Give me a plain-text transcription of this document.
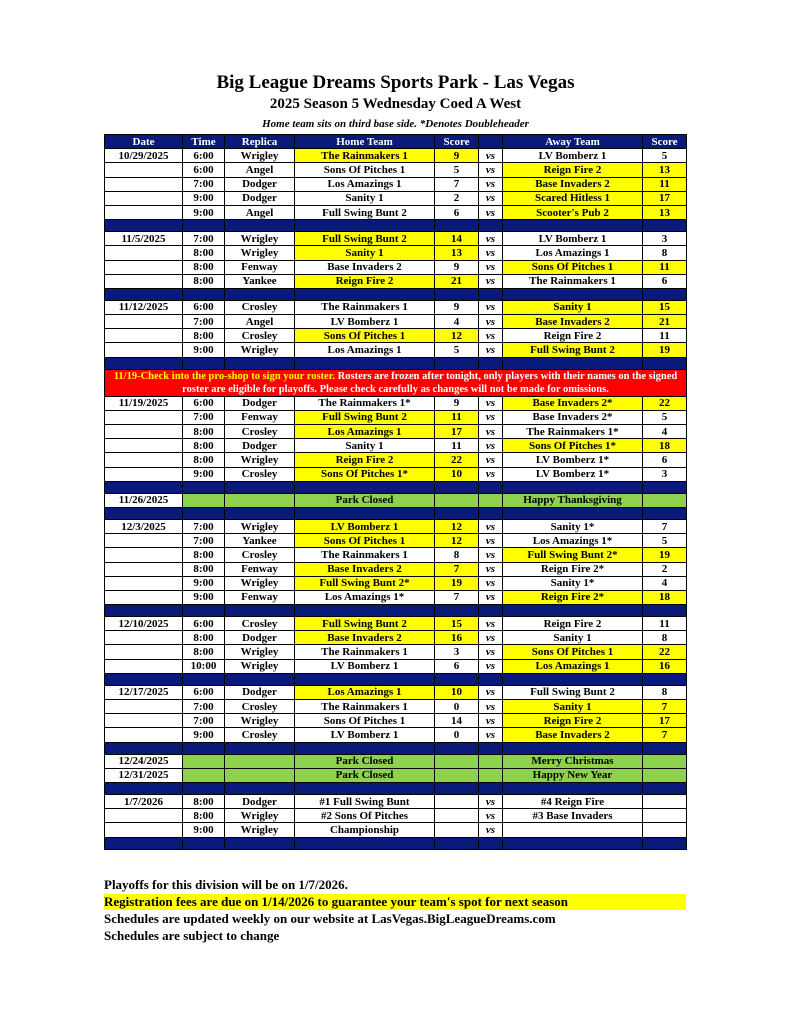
Big League Dreams Sports Park - Las Vegas
2025 Season 5 Wednesday Coed A West
Home team sits on third base side. *Denotes Doubleheader
Date	Time	Replica	Home Team	Score		Away Team	Score
10/29/2025	6:00	Wrigley	The Rainmakers 1	9	vs	LV Bomberz 1	5
	6:00	Angel	Sons Of Pitches 1	5	vs	Reign Fire 2	13
	7:00	Dodger	Los Amazings 1	7	vs	Base Invaders 2	11
	9:00	Dodger	Sanity 1	2	vs	Scared Hitless 1	17
	9:00	Angel	Full Swing Bunt 2	6	vs	Scooter's Pub 2	13

11/5/2025	7:00	Wrigley	Full Swing Bunt 2	14	vs	LV Bomberz 1	3
	8:00	Wrigley	Sanity 1	13	vs	Los Amazings 1	8
	8:00	Fenway	Base Invaders 2	9	vs	Sons Of Pitches 1	11
	8:00	Yankee	Reign Fire 2	21	vs	The Rainmakers 1	6

11/12/2025	6:00	Crosley	The Rainmakers 1	9	vs	Sanity 1	15
	7:00	Angel	LV Bomberz 1	4	vs	Base Invaders 2	21
	8:00	Crosley	Sons Of Pitches 1	12	vs	Reign Fire 2	11
	9:00	Wrigley	Los Amazings 1	5	vs	Full Swing Bunt 2	19

11/19-Check into the pro-shop to sign your roster. Rosters are frozen after tonight, only players with their names on the signed roster are eligible for playoffs. Please check carefully as changes will not be made for omissions.							
11/19/2025	6:00	Dodger	The Rainmakers 1*	9	vs	Base Invaders 2*	22
	7:00	Fenway	Full Swing Bunt 2	11	vs	Base Invaders 2*	5
	8:00	Crosley	Los Amazings 1	17	vs	The Rainmakers 1*	4
	8:00	Dodger	Sanity 1	11	vs	Sons Of Pitches 1*	18
	8:00	Wrigley	Reign Fire 2	22	vs	LV Bomberz 1*	6
	9:00	Crosley	Sons Of Pitches 1*	10	vs	LV Bomberz 1*	3

11/26/2025			Park Closed			Happy Thanksgiving	

12/3/2025	7:00	Wrigley	LV Bomberz 1	12	vs	Sanity 1*	7
	7:00	Yankee	Sons Of Pitches 1	12	vs	Los Amazings 1*	5
	8:00	Crosley	The Rainmakers 1	8	vs	Full Swing Bunt 2*	19
	8:00	Fenway	Base Invaders 2	7	vs	Reign Fire 2*	2
	9:00	Wrigley	Full Swing Bunt 2*	19	vs	Sanity 1*	4
	9:00	Fenway	Los Amazings 1*	7	vs	Reign Fire 2*	18

12/10/2025	6:00	Crosley	Full Swing Bunt 2	15	vs	Reign Fire 2	11
	8:00	Dodger	Base Invaders 2	16	vs	Sanity 1	8
	8:00	Wrigley	The Rainmakers 1	3	vs	Sons Of Pitches 1	22
	10:00	Wrigley	LV Bomberz 1	6	vs	Los Amazings 1	16

12/17/2025	6:00	Dodger	Los Amazings 1	10	vs	Full Swing Bunt 2	8
	7:00	Crosley	The Rainmakers 1	0	vs	Sanity 1	7
	7:00	Wrigley	Sons Of Pitches 1	14	vs	Reign Fire 2	17
	9:00	Crosley	LV Bomberz 1	0	vs	Base Invaders 2	7

12/24/2025			Park Closed			Merry Christmas	
12/31/2025			Park Closed			Happy New Year	

1/7/2026	8:00	Dodger	#1 Full Swing Bunt		vs	#4 Reign Fire	
	8:00	Wrigley	#2 Sons Of Pitches		vs	#3 Base Invaders	
	9:00	Wrigley	Championship		vs		

Playoffs for this division will be on 1/7/2026.
Registration fees are due on 1/14/2026 to guarantee your team's spot for next season
Schedules are updated weekly on our website at LasVegas.BigLeagueDreams.com
Schedules are subject to change
